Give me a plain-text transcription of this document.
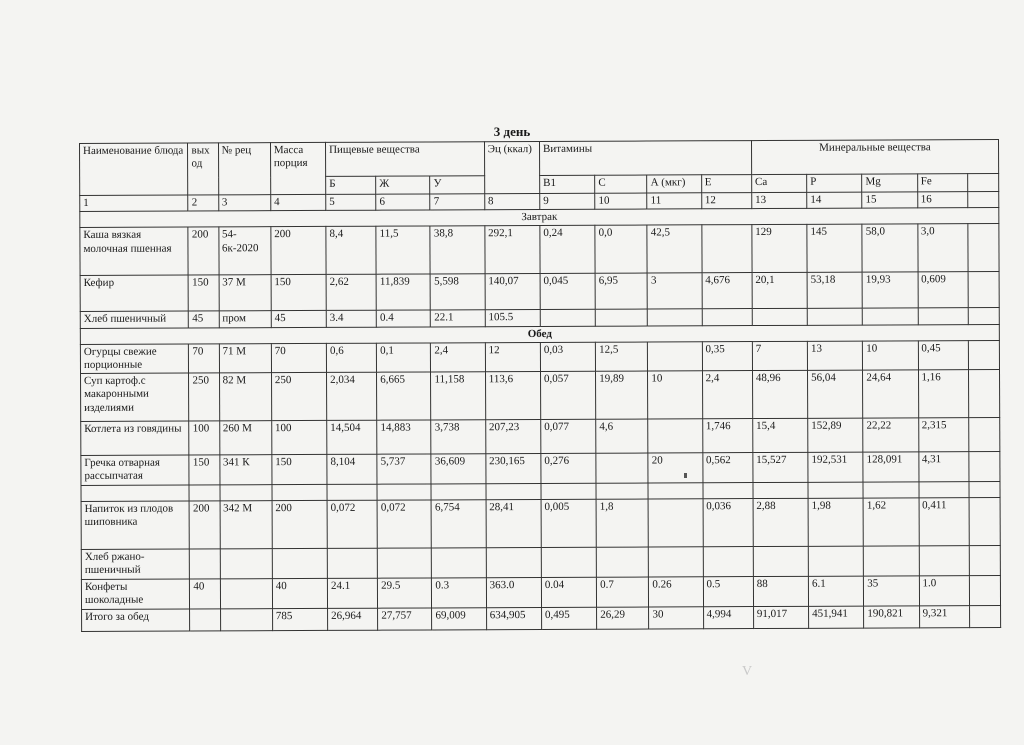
3 день
Наименование блюда	вых од	№ рец	Масса порция	Пищевые вещества			Эц (ккал)	Витамины				Минеральные вещества				
				Б	Ж	У		В1	С	А (мкг)	Е	Ca	P	Mg	Fe	
1	2	3	4	5	6	7	8	9	10	11	12	13	14	15	16	
Завтрак																
Каша вязкая молочная пшенная	200	54-6к-2020	200	8,4	11,5	38,8	292,1	0,24	0,0	42,5		129	145	58,0	3,0	
Кефир	150	37 М	150	2,62	11,839	5,598	140,07	0,045	6,95	3	4,676	20,1	53,18	19,93	0,609	
Хлеб пшеничный	45	пром	45	3.4	0.4	22.1	105.5									
Обед																
Огурцы свежие порционные	70	71 М	70	0,6	0,1	2,4	12	0,03	12,5		0,35	7	13	10	0,45	
Суп картоф.с макаронными изделиями	250	82 М	250	2,034	6,665	11,158	113,6	0,057	19,89	10	2,4	48,96	56,04	24,64	1,16	
Котлета из говядины	100	260 М	100	14,504	14,883	3,738	207,23	0,077	4,6		1,746	15,4	152,89	22,22	2,315	
Гречка отварная рассыпчатая	150	341 К	150	8,104	5,737	36,609	230,165	0,276		20	0,562	15,527	192,531	128,091	4,31	

Напиток из плодов шиповника	200	342 М	200	0,072	0,072	6,754	28,41	0,005	1,8		0,036	2,88	1,98	1,62	0,411	
Хлеб ржано-пшеничный																
Конфеты шоколадные	40		40	24.1	29.5	0.3	363.0	0.04	0.7	0.26	0.5	88	6.1	35	1.0	
Итого за обед			785	26,964	27,757	69,009	634,905	0,495	26,29	30	4,994	91,017	451,941	190,821	9,321	
V
